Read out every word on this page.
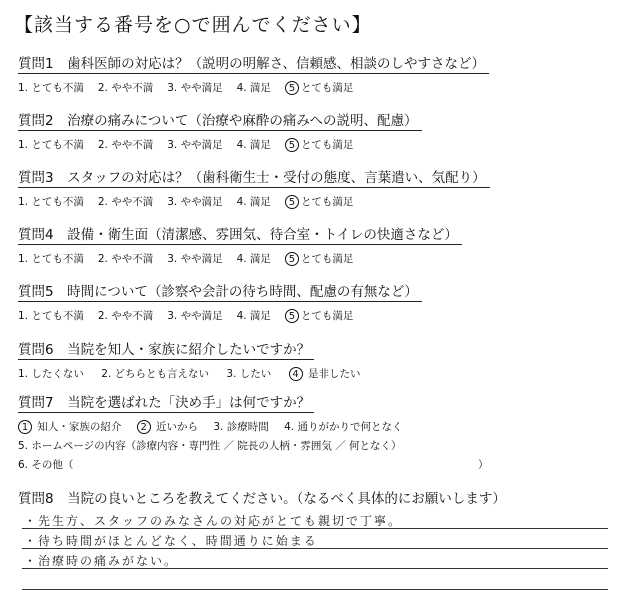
【該当する番号を○で囲んでください】
質問1　歯科医師の対応は？（説明の明解さ、信頼感、相談のしやすさなど）
1. とても不満 2. やや不満 3. やや満足 4. 満足 5 とても満足
質問2　治療の痛みについて（治療や麻酔の痛みへの説明、配慮）
1. とても不満 2. やや不満 3. やや満足 4. 満足 5 とても満足
質問3　スタッフの対応は？（歯科衛生士・受付の態度、言葉遣い、気配り）
1. とても不満 2. やや不満 3. やや満足 4. 満足 5 とても満足
質問4　設備・衛生面（清潔感、雰囲気、待合室・トイレの快適さなど）
1. とても不満 2. やや不満 3. やや満足 4. 満足 5 とても満足
質問5　時間について（診察や会計の待ち時間、配慮の有無など）
1. とても不満 2. やや不満 3. やや満足 4. 満足 5 とても満足
質問6　当院を知人・家族に紹介したいですか？
1. したくない 2. どちらとも言えない 3. したい 4 是非したい
質問7　当院を選ばれた「決め手」は何ですか？
1 知人・家族の紹介 2 近いから 3. 診療時間 4. 通りがかりで何となく
5. ホームページの内容（診療内容・専門性 ／ 院長の人柄・雰囲気 ／ 何となく）
6. その他（	）
質問8　当院の良いところを教えてください。（なるべく具体的にお願いします）
・先生方、スタッフのみなさんの対応がとても親切で丁寧。
・待ち時間がほとんどなく、時間通りに始まる
・治療時の痛みがない。
